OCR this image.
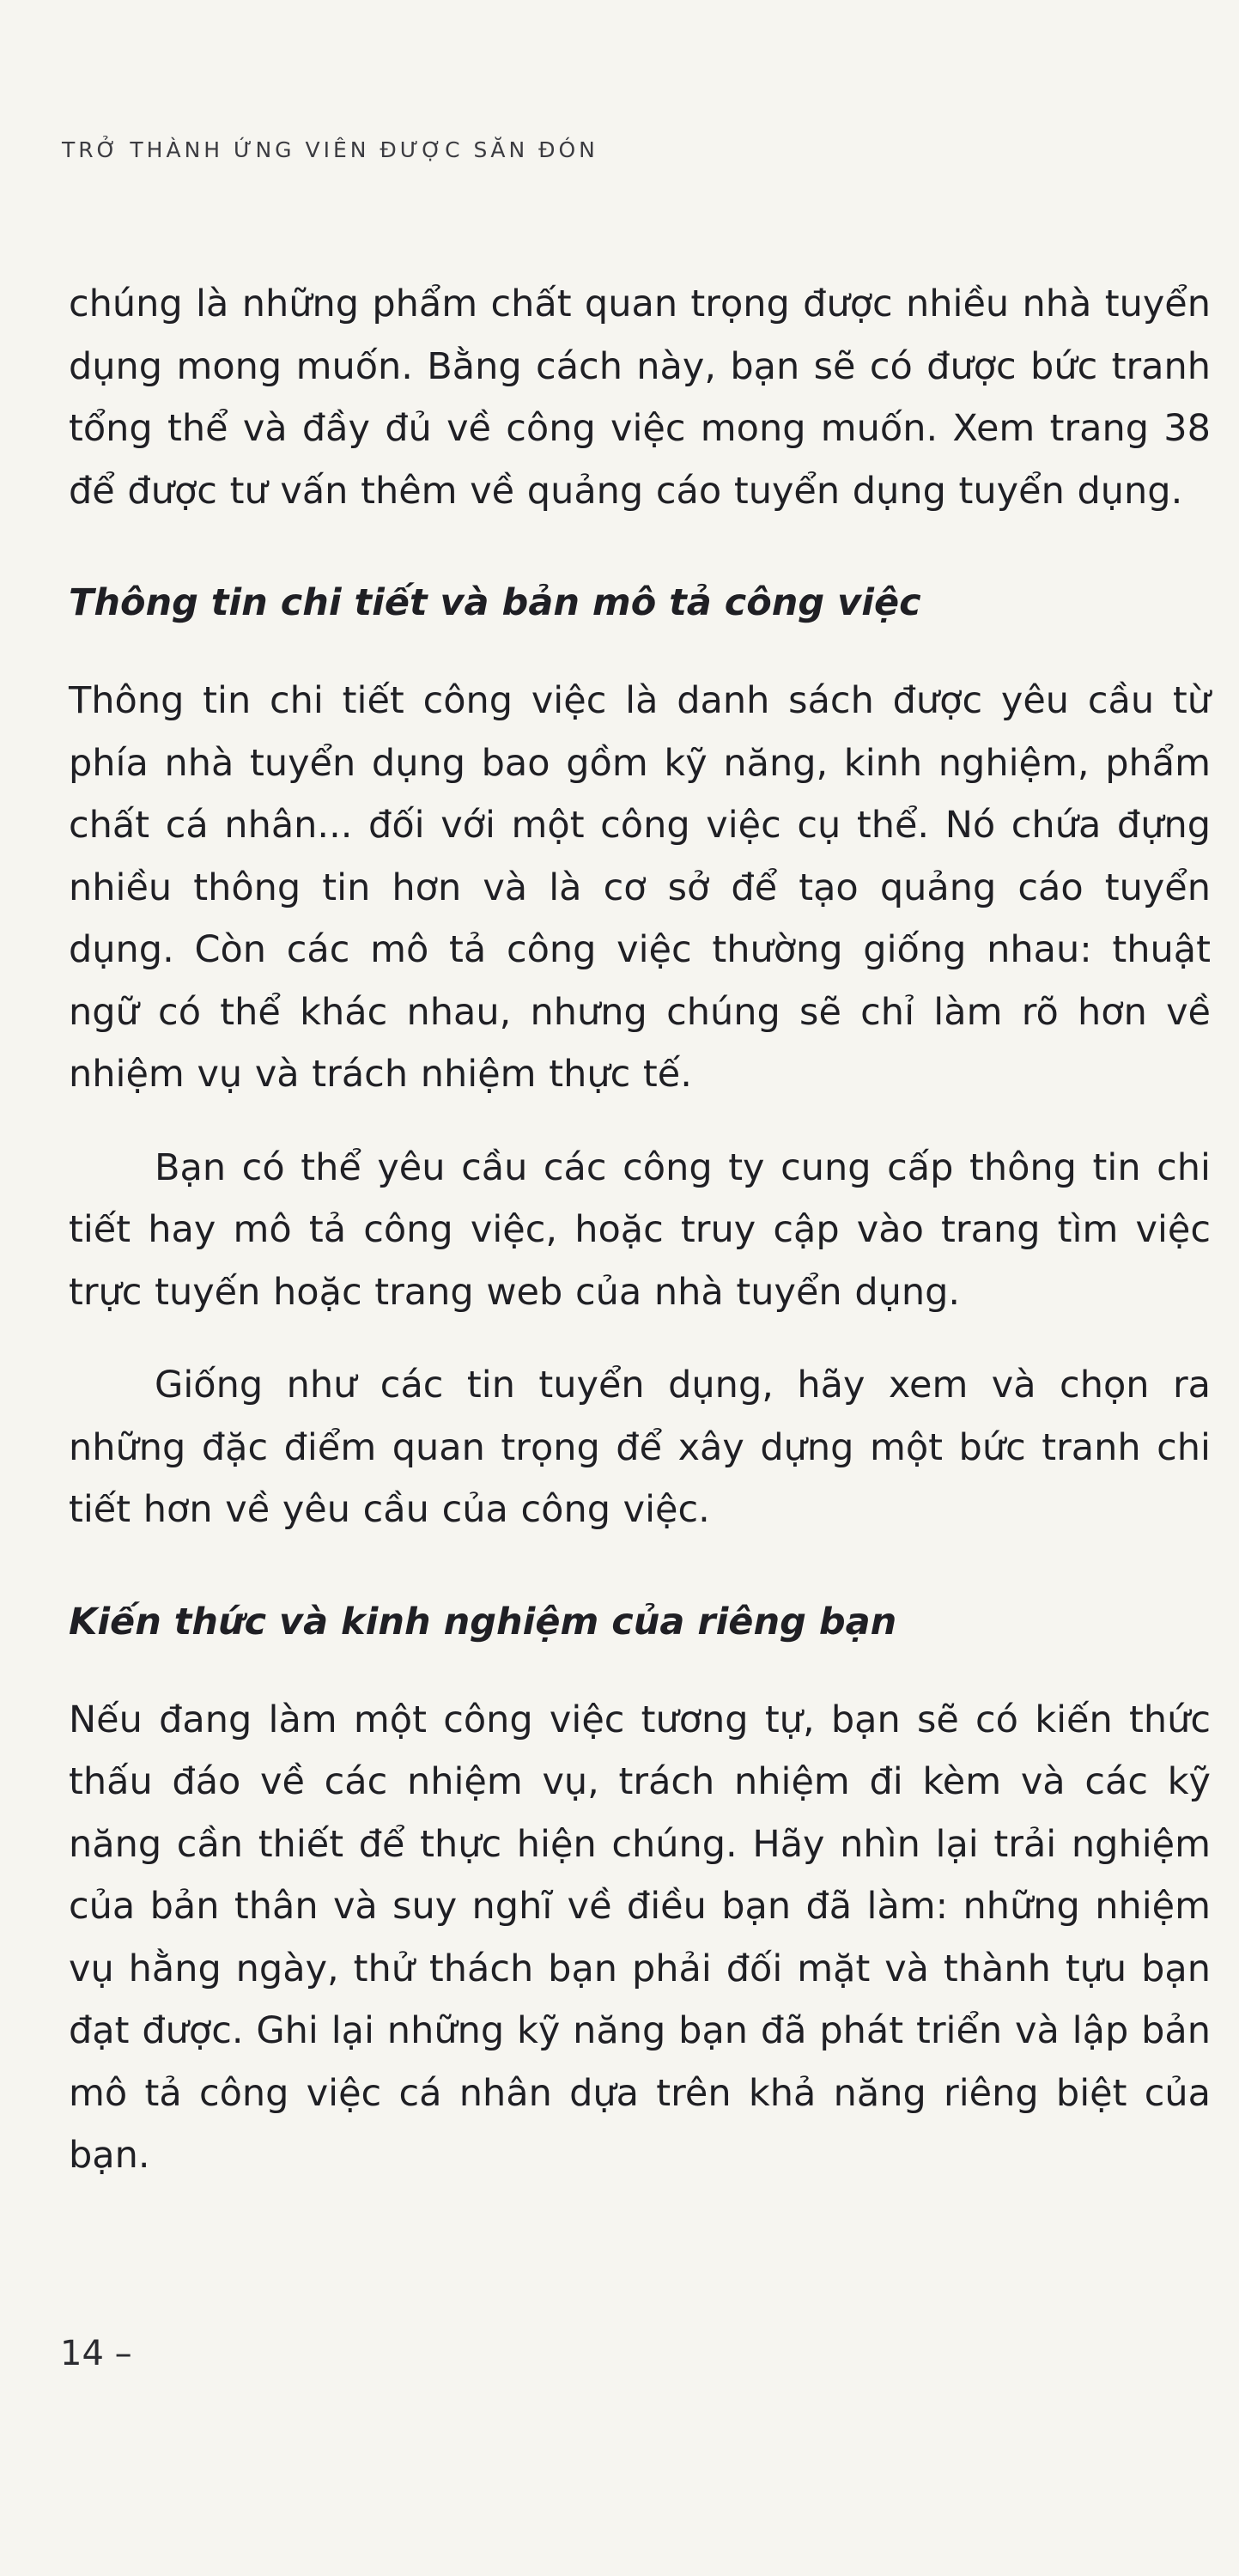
TRỞ THÀNH ỨNG VIÊN ĐƯỢC SĂN ĐÓN

chúng là những phẩm chất quan trọng được nhiều nhà tuyển dụng mong muốn. Bằng cách này, bạn sẽ có được bức tranh tổng thể và đầy đủ về công việc mong muốn. Xem trang 38 để được tư vấn thêm về quảng cáo tuyển dụng tuyển dụng.

Thông tin chi tiết và bản mô tả công việc

Thông tin chi tiết công việc là danh sách được yêu cầu từ phía nhà tuyển dụng bao gồm kỹ năng, kinh nghiệm, phẩm chất cá nhân... đối với một công việc cụ thể. Nó chứa đựng nhiều thông tin hơn và là cơ sở để tạo quảng cáo tuyển dụng. Còn các mô tả công việc thường giống nhau: thuật ngữ có thể khác nhau, nhưng chúng sẽ chỉ làm rõ hơn về nhiệm vụ và trách nhiệm thực tế.

Bạn có thể yêu cầu các công ty cung cấp thông tin chi tiết hay mô tả công việc, hoặc truy cập vào trang tìm việc trực tuyến hoặc trang web của nhà tuyển dụng.

Giống như các tin tuyển dụng, hãy xem và chọn ra những đặc điểm quan trọng để xây dựng một bức tranh chi tiết hơn về yêu cầu của công việc.

Kiến thức và kinh nghiệm của riêng bạn

Nếu đang làm một công việc tương tự, bạn sẽ có kiến thức thấu đáo về các nhiệm vụ, trách nhiệm đi kèm và các kỹ năng cần thiết để thực hiện chúng. Hãy nhìn lại trải nghiệm của bản thân và suy nghĩ về điều bạn đã làm: những nhiệm vụ hằng ngày, thử thách bạn phải đối mặt và thành tựu bạn đạt được. Ghi lại những kỹ năng bạn đã phát triển và lập bản mô tả công việc cá nhân dựa trên khả năng riêng biệt của bạn.

14 –
